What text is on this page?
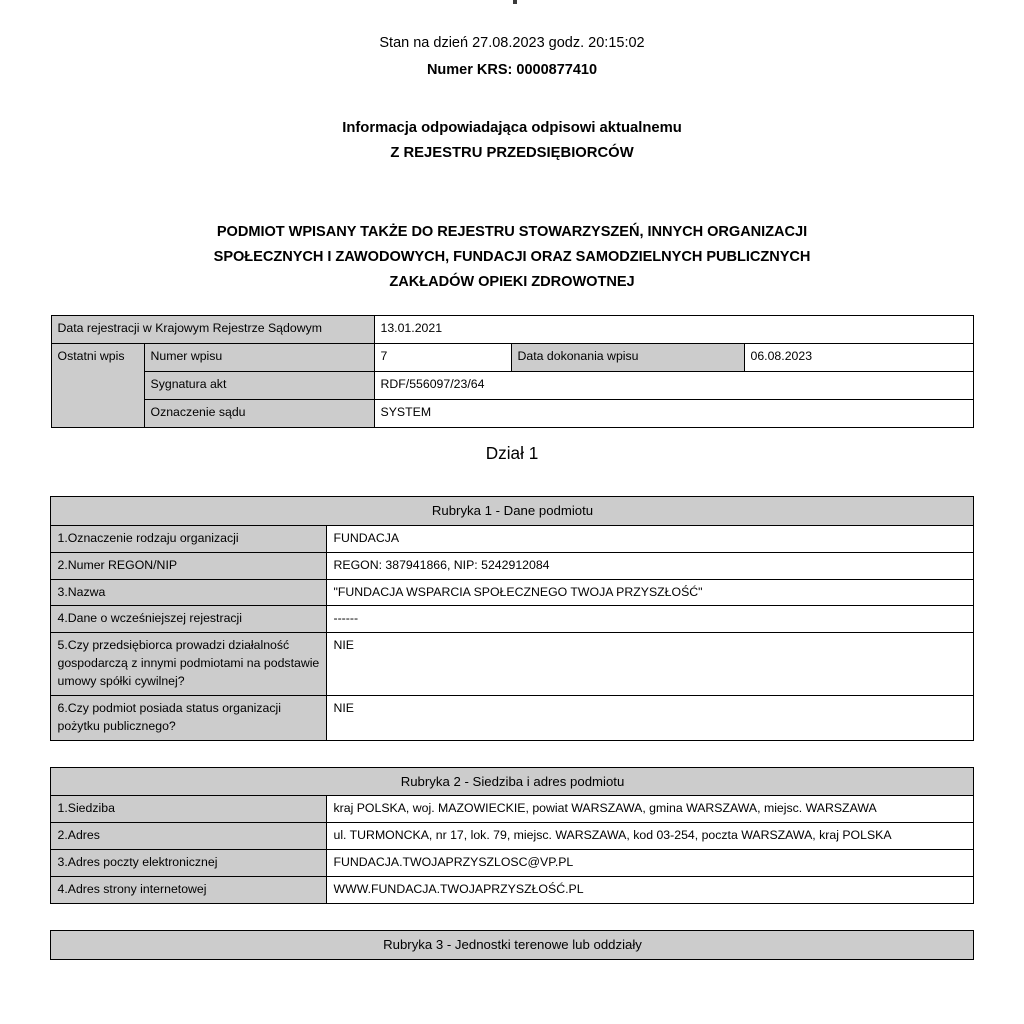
Stan na dzień 27.08.2023 godz. 20:15:02
Numer KRS: 0000877410
Informacja odpowiadająca odpisowi aktualnemu
Z REJESTRU PRZEDSIĘBIORCÓW
PODMIOT WPISANY TAKŻE DO REJESTRU STOWARZYSZEŃ, INNYCH ORGANIZACJI
SPOŁECZNYCH I ZAWODOWYCH, FUNDACJI ORAZ SAMODZIELNYCH PUBLICZNYCH
ZAKŁADÓW OPIEKI ZDROWOTNEJ
Data rejestracji w Krajowym Rejestrze Sądowym		13.01.2021		
Ostatni wpis	Numer wpisu	7	Data dokonania wpisu	06.08.2023
	Sygnatura akt	RDF/556097/23/64		
	Oznaczenie sądu	SYSTEM		
Dział 1
Rubryka 1 - Dane podmiotu	
1.Oznaczenie rodzaju organizacji	FUNDACJA
2.Numer REGON/NIP	REGON: 387941866, NIP: 5242912084
3.Nazwa	"FUNDACJA WSPARCIA SPOŁECZNEGO TWOJA PRZYSZŁOŚĆ"
4.Dane o wcześniejszej rejestracji	------
5.Czy przedsiębiorca prowadzi działalność gospodarczą z innymi podmiotami na podstawie umowy spółki cywilnej?	NIE
6.Czy podmiot posiada status organizacji pożytku publicznego?	NIE
Rubryka 2 - Siedziba i adres podmiotu	
1.Siedziba	kraj POLSKA, woj. MAZOWIECKIE, powiat WARSZAWA, gmina WARSZAWA, miejsc. WARSZAWA
2.Adres	ul. TURMONCKA, nr 17, lok. 79, miejsc. WARSZAWA, kod 03-254, poczta WARSZAWA, kraj POLSKA
3.Adres poczty elektronicznej	FUNDACJA.TWOJAPRZYSZLOSC@VP.PL
4.Adres strony internetowej	WWW.FUNDACJA.TWOJAPRZYSZŁOŚĆ.PL
Rubryka 3 - Jednostki terenowe lub oddziały
